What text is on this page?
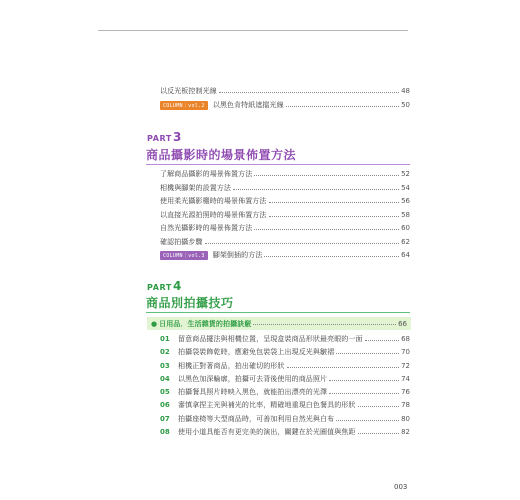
以反光板控制光線	48
COLUMN｜vol.2	以黑色肯特紙遮擋光線	50
PART3
商品攝影時的場景佈置方法
了解商品攝影的場景佈置方法	52
相機與腳架的設置方法	54
使用柔光攝影棚時的場景佈置方法	56
以直接光源拍照時的場景佈置方法	58
自然光攝影時的場景佈置方法	60
確認拍攝步驟	62
COLUMN｜vol.3	腳架倒插的方法	64
PART4
商品別拍攝技巧
● 日用品．生活雜貨的拍攝訣竅	66
01	留意商品擺法與相機位置，呈現盒裝商品形狀最亮眼的一面	68
02	拍攝袋裝飾乾時，應避免包裝袋上出現反光與皺褶	70
03	相機正對著商品，拍出確切的形狀	72
04	以黑色加深輪廓，拍攝可去背後使用的商品照片	74
05	拍攝餐具照片時映入黑色，就能拍出漂亮的光澤	76
06	審慎拿捏主光與補光的比率，精確地重現白色餐具的形狀	78
07	拍攝座椅等大型商品時，可善加利用自然光與白布	80
08	使用小道具能否有更完美的演出，關鍵在於光圈值與焦距	82
003
